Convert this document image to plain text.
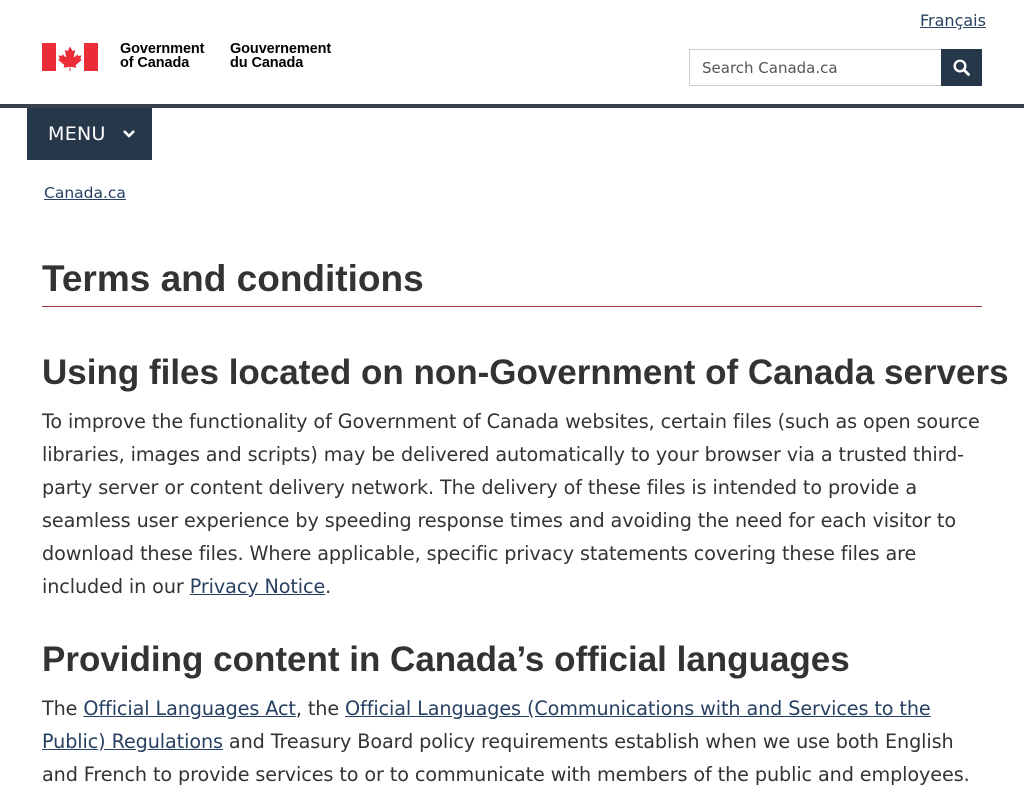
Français
Government
of Canada
Gouvernement
du Canada
Search Canada.ca
MENU
Canada.ca
Terms and conditions
Using files located on non-Government of Canada servers

To improve the functionality of Government of Canada websites, certain files (such as open source libraries, images and scripts) may be delivered automatically to your browser via a trusted third-party server or content delivery network. The delivery of these files is intended to provide a seamless user experience by speeding response times and avoiding the need for each visitor to download these files. Where applicable, specific privacy statements covering these files are included in our Privacy Notice.

Providing content in Canada’s official languages

The Official Languages Act, the Official Languages (Communications with and Services to the Public) Regulations and Treasury Board policy requirements establish when we use both English and French to provide services to or to communicate with members of the public and employees.
